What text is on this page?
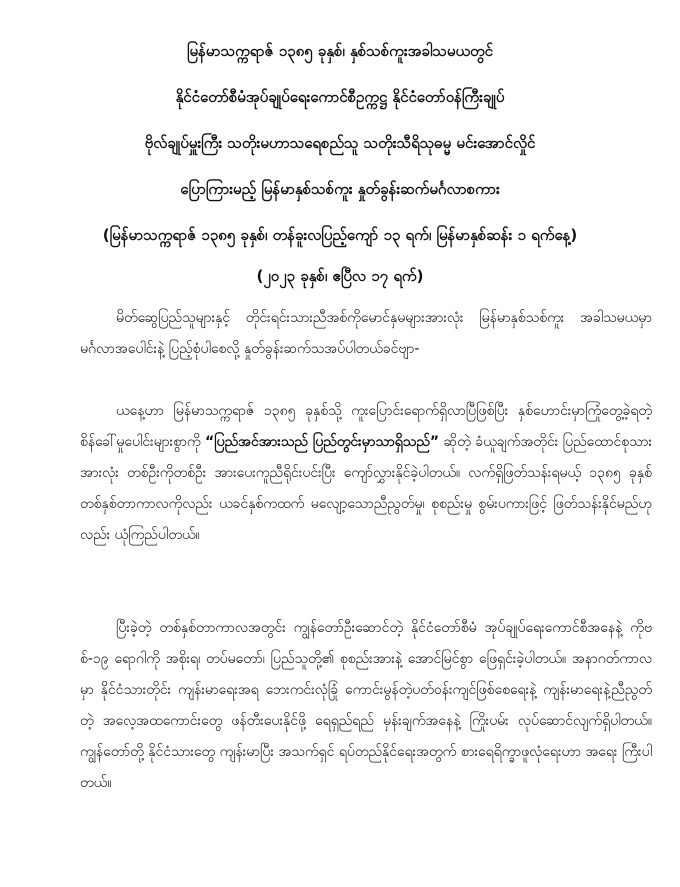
မြန်မာသက္ကရာဇ် ၁၃၈၅ ခုနှစ်၊ နှစ်သစ်ကူးအခါသမယတွင်
နိုင်ငံတော်စီမံအုပ်ချုပ်ရေးကောင်စီဥက္ကဋ္ဌ နိုင်ငံတော်ဝန်ကြီးချုပ်
ဗိုလ်ချုပ်မှူးကြီး သတိုးမဟာသရေစည်သူ သတိုးသီရိသုဓမ္မ မင်းအောင်လှိုင်
ပြောကြားမည့် မြန်မာနှစ်သစ်ကူး နှုတ်ခွန်းဆက်မင်္ဂလာစကား
(မြန်မာသက္ကရာဇ် ၁၃၈၅ ခုနှစ်၊ တန်ခူးလပြည့်ကျော် ၁၃ ရက်၊ မြန်မာနှစ်ဆန်း ၁ ရက်နေ့)
(၂၀၂၃ ခုနှစ်၊ ဧပြီလ ၁၇ ရက်)
မိတ်ဆွေပြည်သူများနှင့် တိုင်းရင်းသားညီအစ်ကိုမောင်နှမများအားလုံး မြန်မာနှစ်သစ်ကူး အခါသမယမှာ မင်္ဂလာအပေါင်းနဲ့ ပြည့်စုံပါစေလို့ နှုတ်ခွန်းဆက်သအပ်ပါတယ်ခင်ဗျာ-
ယနေ့ဟာ မြန်မာသက္ကရာဇ် ၁၃၈၅ ခုနှစ်သို့ ကူးပြောင်းရောက်ရှိလာပြီဖြစ်ပြီး နှစ်ဟောင်းမှာကြုံတွေ့ခဲ့ရတဲ့ စိန်ခေါ်မှုပေါင်းများစွာကို “ပြည်အင်အားသည် ပြည်တွင်းမှာသာရှိသည်” ဆိုတဲ့ ခံယူချက်အတိုင်း ပြည်ထောင်စုသားအားလုံး တစ်ဦးကိုတစ်ဦး အားပေးကူညီရိုင်းပင်းပြီး ကျော်လွှားနိုင်ခဲ့ပါတယ်။ လက်ရှိဖြတ်သန်းရမယ့် ၁၃၈၅ ခုနှစ် တစ်နှစ်တာကာလကိုလည်း ယခင်နှစ်ကထက် မလျော့သောညီညွတ်မှု၊ စုစည်းမှု စွမ်းပကားဖြင့် ဖြတ်သန်းနိုင်မည်ဟုလည်း ယုံကြည်ပါတယ်။
ပြီးခဲ့တဲ့ တစ်နှစ်တာကာလအတွင်း ကျွန်တော်ဦးဆောင်တဲ့ နိုင်ငံတော်စီမံ အုပ်ချုပ်ရေးကောင်စီအနေနဲ့ ကိုဗစ်-၁၉ ရောဂါကို အစိုးရ၊ တပ်မတော်၊ ပြည်သူတို့၏ စုစည်းအားနဲ့ အောင်မြင်စွာ ဖြေရှင်းခဲ့ပါတယ်။ အနာဂတ်ကာလမှာ နိုင်ငံသားတိုင်း ကျန်းမာရေးအရ ဘေးကင်းလုံခြုံ ကောင်းမွန်တဲ့ပတ်ဝန်းကျင်ဖြစ်စေရေးနဲ့ ကျန်းမာရေးနဲ့ညီညွတ်တဲ့ အလေ့အထကောင်းတွေ ဖန်တီးပေးနိုင်ဖို့ ရေရှည်ရည် မှန်းချက်အနေနဲ့ ကြိုးပမ်း လုပ်ဆောင်လျက်ရှိပါတယ်။ ကျွန်တော်တို့ နိုင်ငံသားတွေ ကျန်းမာပြီး အသက်ရှင် ရပ်တည်နိုင်ရေးအတွက် စားရေရိက္ခာဖူလုံရေးဟာ အရေး ကြီးပါတယ်။
